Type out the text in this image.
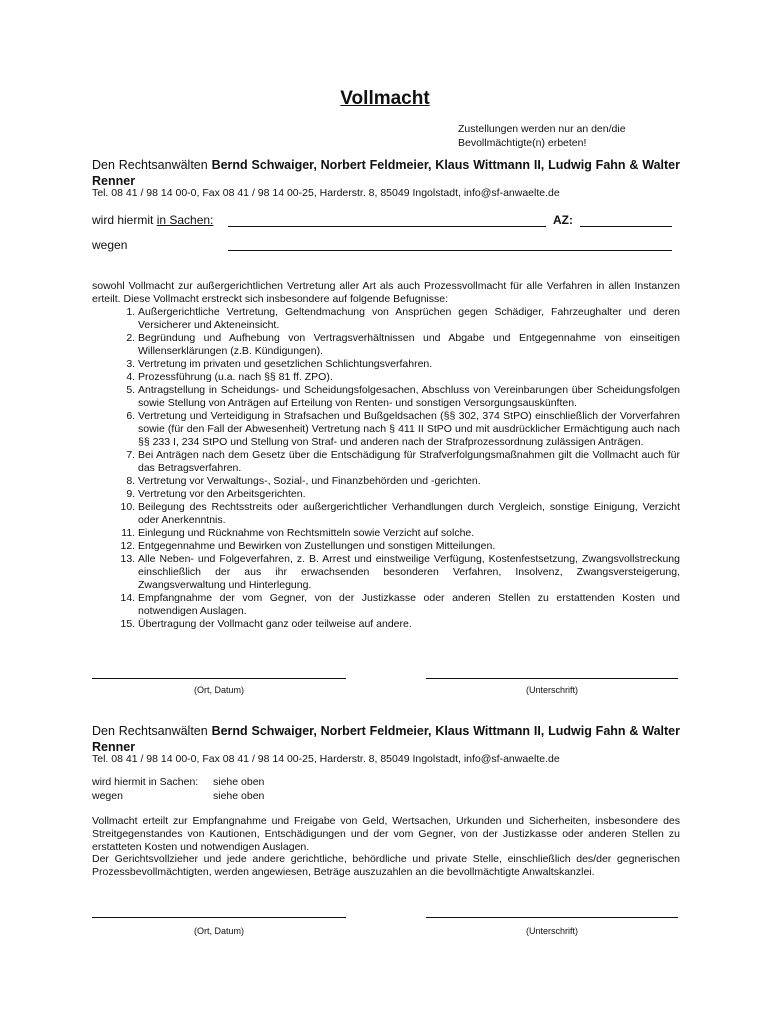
Vollmacht
Zustellungen werden nur an den/die Bevollmächtigte(n) erbeten!
Den Rechtsanwälten Bernd Schwaiger, Norbert Feldmeier, Klaus Wittmann II, Ludwig Fahn & Walter Renner
Tel. 08 41 / 98 14 00-0, Fax 08 41 / 98 14 00-25, Harderstr. 8, 85049 Ingolstadt, info@sf-anwaelte.de
wird hiermit in Sachen:	AZ:
wegen
sowohl Vollmacht zur außergerichtlichen Vertretung aller Art als auch Prozessvollmacht für alle Verfahren in allen Instanzen erteilt. Diese Vollmacht erstreckt sich insbesondere auf folgende Befugnisse:
1. Außergerichtliche Vertretung, Geltendmachung von Ansprüchen gegen Schädiger, Fahrzeughalter und deren Versicherer und Akteneinsicht.
2. Begründung und Aufhebung von Vertragsverhältnissen und Abgabe und Entgegennahme von einseitigen Willenserklärungen (z.B. Kündigungen).
3. Vertretung im privaten und gesetzlichen Schlichtungsverfahren.
4. Prozessführung (u.a. nach §§ 81 ff. ZPO).
5. Antragstellung in Scheidungs- und Scheidungsfolgesachen, Abschluss von Vereinbarungen über Scheidungsfolgen sowie Stellung von Anträgen auf Erteilung von Renten- und sonstigen Versorgungsauskünften.
6. Vertretung und Verteidigung in Strafsachen und Bußgeldsachen (§§ 302, 374 StPO) einschließlich der Vorverfahren sowie (für den Fall der Abwesenheit) Vertretung nach § 411 II StPO und mit ausdrücklicher Ermächtigung auch nach §§ 233 I, 234 StPO und Stellung von Straf- und anderen nach der Strafprozessordnung zulässigen Anträgen.
7. Bei Anträgen nach dem Gesetz über die Entschädigung für Strafverfolgungsmaßnahmen gilt die Vollmacht auch für das Betragsverfahren.
8. Vertretung vor Verwaltungs-, Sozial-, und Finanzbehörden und -gerichten.
9. Vertretung vor den Arbeitsgerichten.
10. Beilegung des Rechtsstreits oder außergerichtlicher Verhandlungen durch Vergleich, sonstige Einigung, Verzicht oder Anerkenntnis.
11. Einlegung und Rücknahme von Rechtsmitteln sowie Verzicht auf solche.
12. Entgegennahme und Bewirken von Zustellungen und sonstigen Mitteilungen.
13. Alle Neben- und Folgeverfahren, z. B. Arrest und einstweilige Verfügung, Kostenfestsetzung, Zwangsvollstreckung einschließlich der aus ihr erwachsenden besonderen Verfahren, Insolvenz, Zwangsversteigerung, Zwangsverwaltung und Hinterlegung.
14. Empfangnahme der vom Gegner, von der Justizkasse oder anderen Stellen zu erstattenden Kosten und notwendigen Auslagen.
15. Übertragung der Vollmacht ganz oder teilweise auf andere.
(Ort, Datum)	(Unterschrift)
Den Rechtsanwälten Bernd Schwaiger, Norbert Feldmeier, Klaus Wittmann II, Ludwig Fahn & Walter Renner
Tel. 08 41 / 98 14 00-0, Fax 08 41 / 98 14 00-25, Harderstr. 8, 85049 Ingolstadt, info@sf-anwaelte.de
wird hiermit in Sachen: siehe oben
wegen	siehe oben
Vollmacht erteilt zur Empfangnahme und Freigabe von Geld, Wertsachen, Urkunden und Sicherheiten, insbesondere des Streitgegenstandes von Kautionen, Entschädigungen und der vom Gegner, von der Justizkasse oder anderen Stellen zu erstatteten Kosten und notwendigen Auslagen.
Der Gerichtsvollzieher und jede andere gerichtliche, behördliche und private Stelle, einschließlich des/der gegnerischen Prozessbevollmächtigten, werden angewiesen, Beträge auszuzahlen an die bevollmächtigte Anwaltskanzlei.
(Ort, Datum)	(Unterschrift)
